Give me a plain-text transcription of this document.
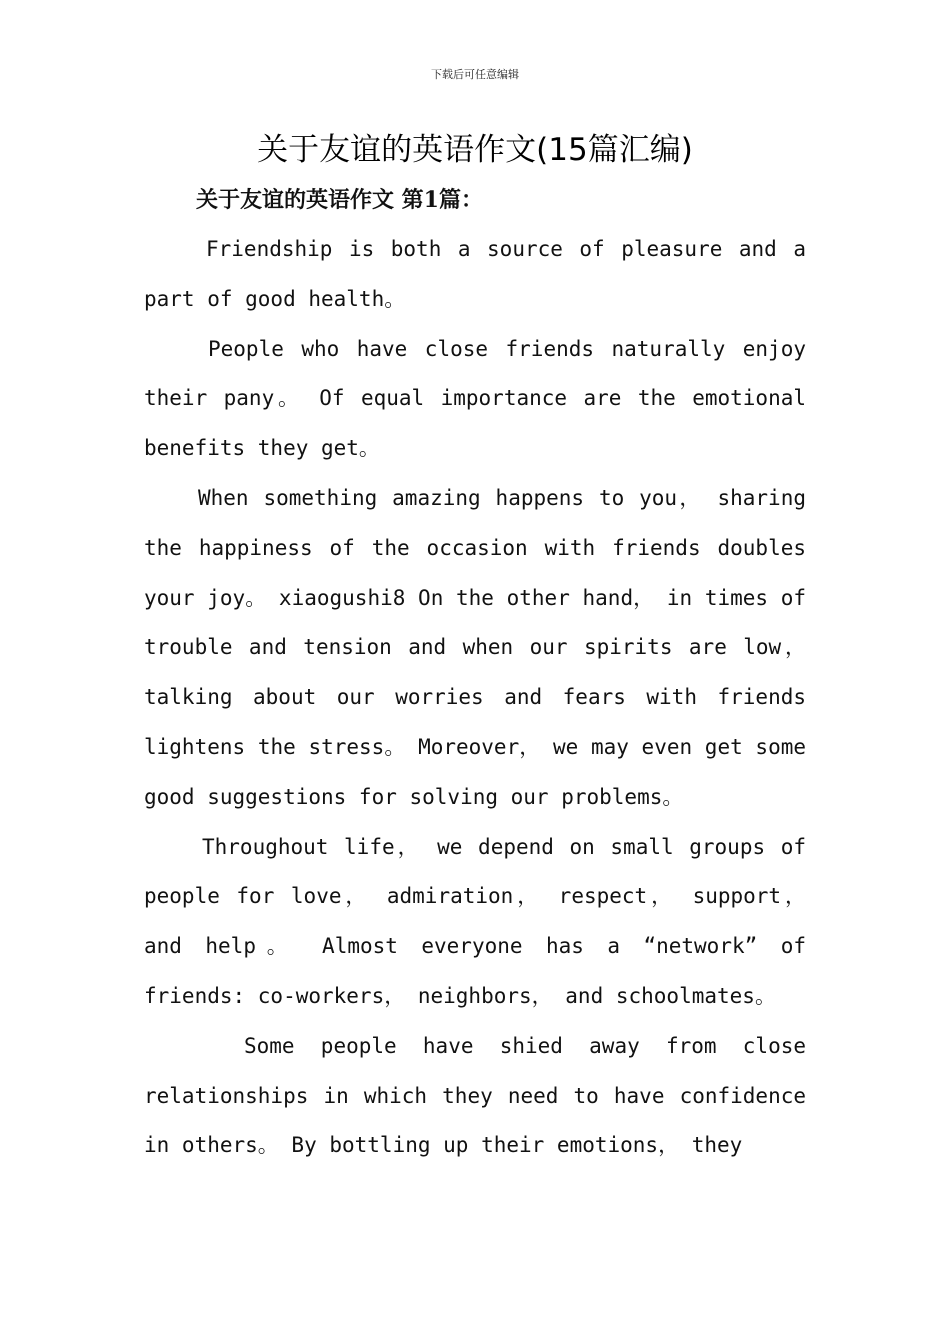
下载后可任意编辑
关于友谊的英语作文(15篇汇编)
关于友谊的英语作文 第1篇：

Friendship is both a source of pleasure and a part of good health。

People who have close friends naturally enjoy their pany。 Of equal importance are the emotional benefits they get。

When something amazing happens to you， sharing the happiness of the occasion with friends doubles your joy。 xiaogushi8 On the other hand， in times of trouble and tension and when our spirits are low， talking about our worries and fears with friends lightens the stress。 Moreover， we may even get some good suggestions for solving our problems。

Throughout life， we depend on small groups of people for love， admiration， respect， support， and help。 Almost everyone has a “network” of friends: co-workers， neighbors， and schoolmates。

Some people have shied away from close relationships in which they need to have confidence in others。 By bottling up their emotions， they
